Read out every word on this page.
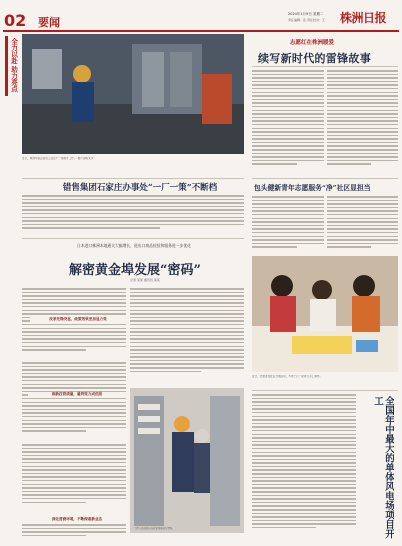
02 要闻
2024年1月9日 星期二
责任编辑：张 责任校对：王 株洲日报
全力以赴
助力亮点
近日，株洲市某企业员工在生产一线展开工作。（图片说明文字）
错售集团石家庄办事处“一厂一策”不断档
日本进口株洲本地通关大幅增长，进出口商品检验和服务进一步优化
解密黄金埠发展“密码”
记者 某某 通讯员 某某
改革先锋突显，政策效果更加显力效
推新技资质量，量利效力成优级
深化营商环境，不断探索新业态
工作人员在机房内检查设备运行情况。
志愿红在株洲暖爱
续写新时代的雷锋故事
包头健新青年志愿服务“净”社区显担当
近日，志愿者在社区开展活动，与孩子们一起进行手工制作。
全国年中最大的单体风电场项目开工
